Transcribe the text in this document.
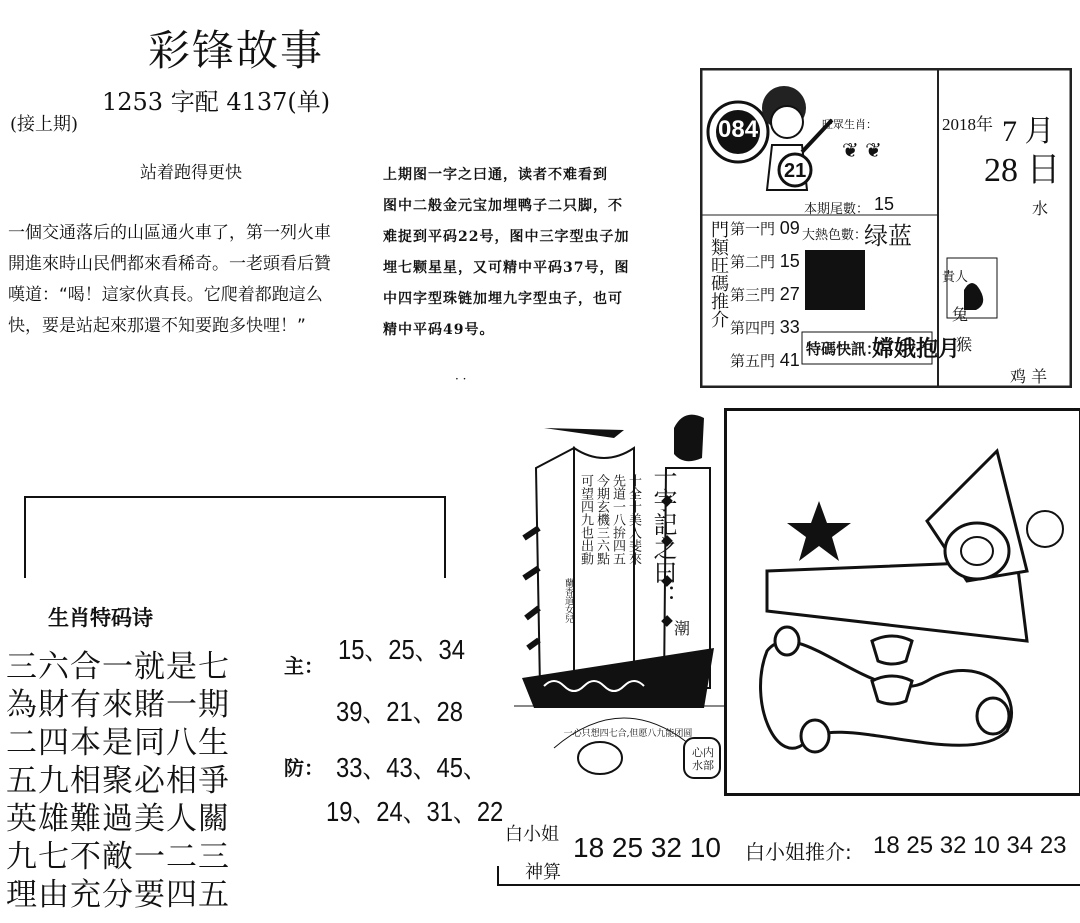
彩锋故事
1253 字配 4137(单)
(接上期)
站着跑得更快
一個交通落后的山區通火車了，第一列火車
開進來時山民們都來看稀奇。一老頭看后贊
嘆道：“喝！這家伙真長。它爬着都跑這么
快，要是站起來那還不知要跑多快哩！”
上期图一字之曰通，读者不难看到
图中二般金元宝加埋鸭子二只脚，不
难捉到平码22号，图中三字型虫子加
埋七颗星星，又可精中平码37号，图
中四字型珠链加埋九字型虫子，也可
精中平码49号。
· ·
084
21
旺眾生肖：
❦ ❦
本期尾數： 15
大熱色數：
绿蓝
門類旺碼推介 第一門 09
第二門 15
第三門 27
第四門 33
第五門 41
特碼快訊：
嫦娥抱月
2018年 7 月
28 日
水
貴人
兔
猴
鸡 羊
生肖特码诗
三六合一就是七
為財有來賭一期
二四本是同八生
五九相聚必相爭
英雄難過美人關
九七不敵一二三
理由充分要四五
主：
15、25、34
39、21、28
防： 33、43、45、
19、24、31、22
一字記之曰：
潮
十全十美入斐來
先道一八拚四五
今期玄機三六點
可望四九也出動
蘭香道女兒
一心只想四七合,但愿八九能团圆
心内水部
白小姐
神算
18 25 32 10 白小姐推介: 18 25 32 10 34 23
